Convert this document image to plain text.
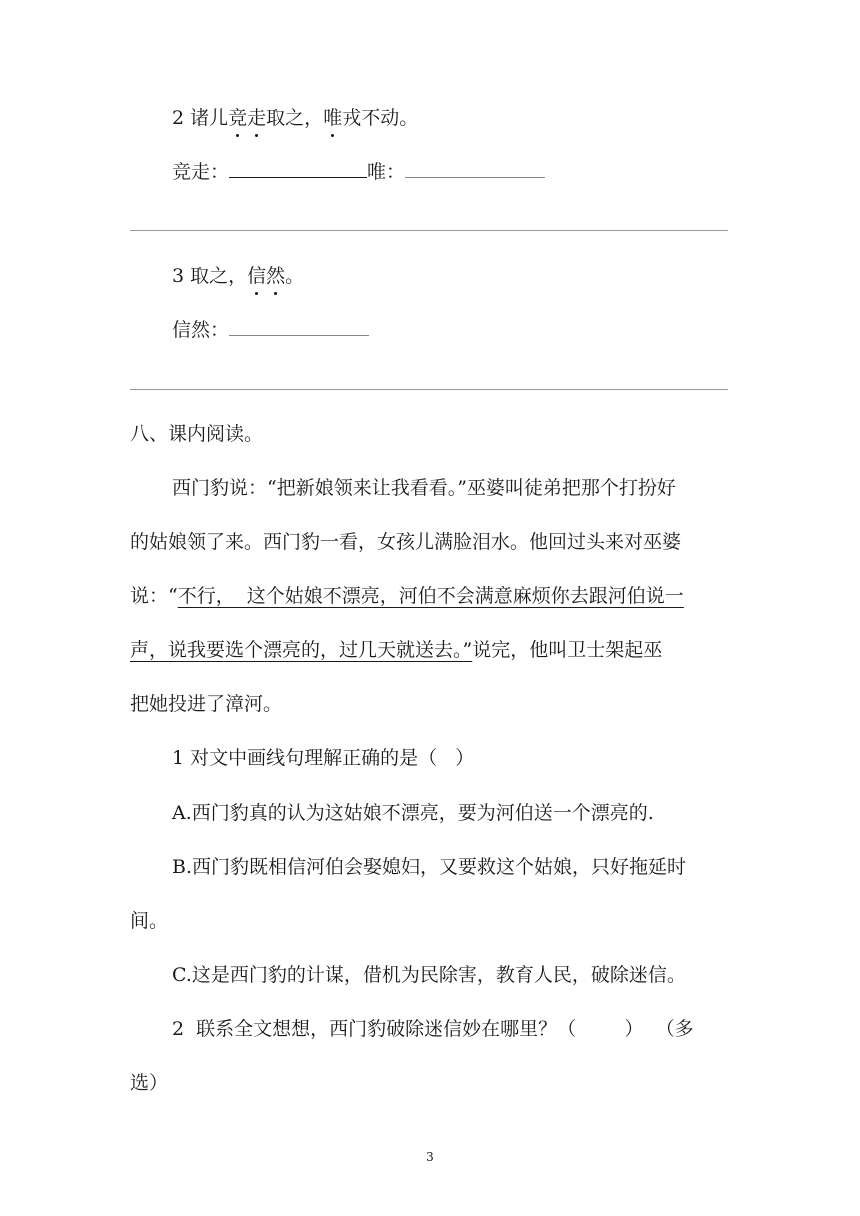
2 诸儿竞走取之，唯戎不动。
竞走：	唯：
3 取之，信然。
信然：
八、课内阅读。
西门豹说：“把新娘领来让我看看。”巫婆叫徒弟把那个打扮好
的姑娘领了来。西门豹一看，女孩儿满脸泪水。他回过头来对巫婆
说：“不行，  这个姑娘不漂亮，河伯不会满意麻烦你去跟河伯说一
声，说我要选个漂亮的，过几天就送去。”说完，他叫卫士架起巫
把她投进了漳河。
1 对文中画线句理解正确的是（   ）
A.西门豹真的认为这姑娘不漂亮，要为河伯送一个漂亮的.
B.西门豹既相信河伯会娶媳妇，又要救这个姑娘，只好拖延时
间。
C.这是西门豹的计谋，借机为民除害，教育人民，破除迷信。
2  联系全文想想，西门豹破除迷信妙在哪里？（        ）  （多
选）
3
